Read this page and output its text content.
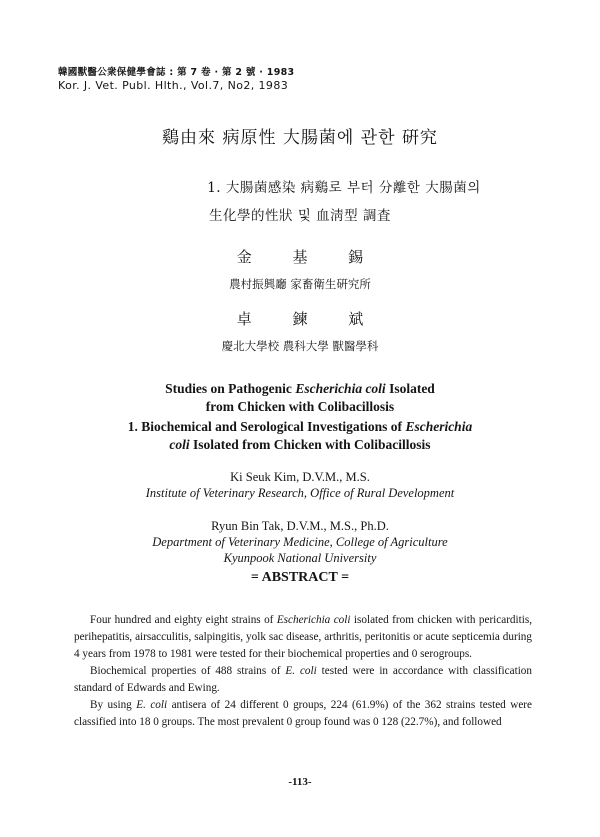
韓國獸醫公衆保健學會誌 : 第 7 卷 · 第 2 號 · 1983
Kor. J. Vet. Publ. Hlth., Vol.7, No2, 1983
鷄由來 病原性 大腸菌에 관한 硏究
1. 大腸菌感染 病鷄로 부터 分離한 大腸菌의
生化學的性狀 및 血淸型 調査
金 基 錫
農村振興廳 家畜衛生硏究所
卓 鍊 斌
慶北大學校 農科大學 獸醫學科
Studies on Pathogenic Escherichia coli Isolated
from Chicken with Colibacillosis
1. Biochemical and Serological Investigations of Escherichia
coli Isolated from Chicken with Colibacillosis
Ki Seuk Kim, D.V.M., M.S.
Institute of Veterinary Research, Office of Rural Development
Ryun Bin Tak, D.V.M., M.S., Ph.D.
Department of Veterinary Medicine, College of Agriculture
Kyunpook National University
= ABSTRACT =

Four hundred and eighty eight strains of Escherichia coli isolated from chicken with pericarditis, perihepatitis, airsacculitis, salpingitis, yolk sac disease, arthritis, peritonitis or acute septicemia during 4 years from 1978 to 1981 were tested for their biochemical properties and 0 serogroups.

Biochemical properties of 488 strains of E. coli tested were in accordance with classification standard of Edwards and Ewing.

By using E. coli antisera of 24 different 0 groups, 224 (61.9%) of the 362 strains tested were classified into 18 0 groups. The most prevalent 0 group found was 0 128 (22.7%), and followed

-113-
